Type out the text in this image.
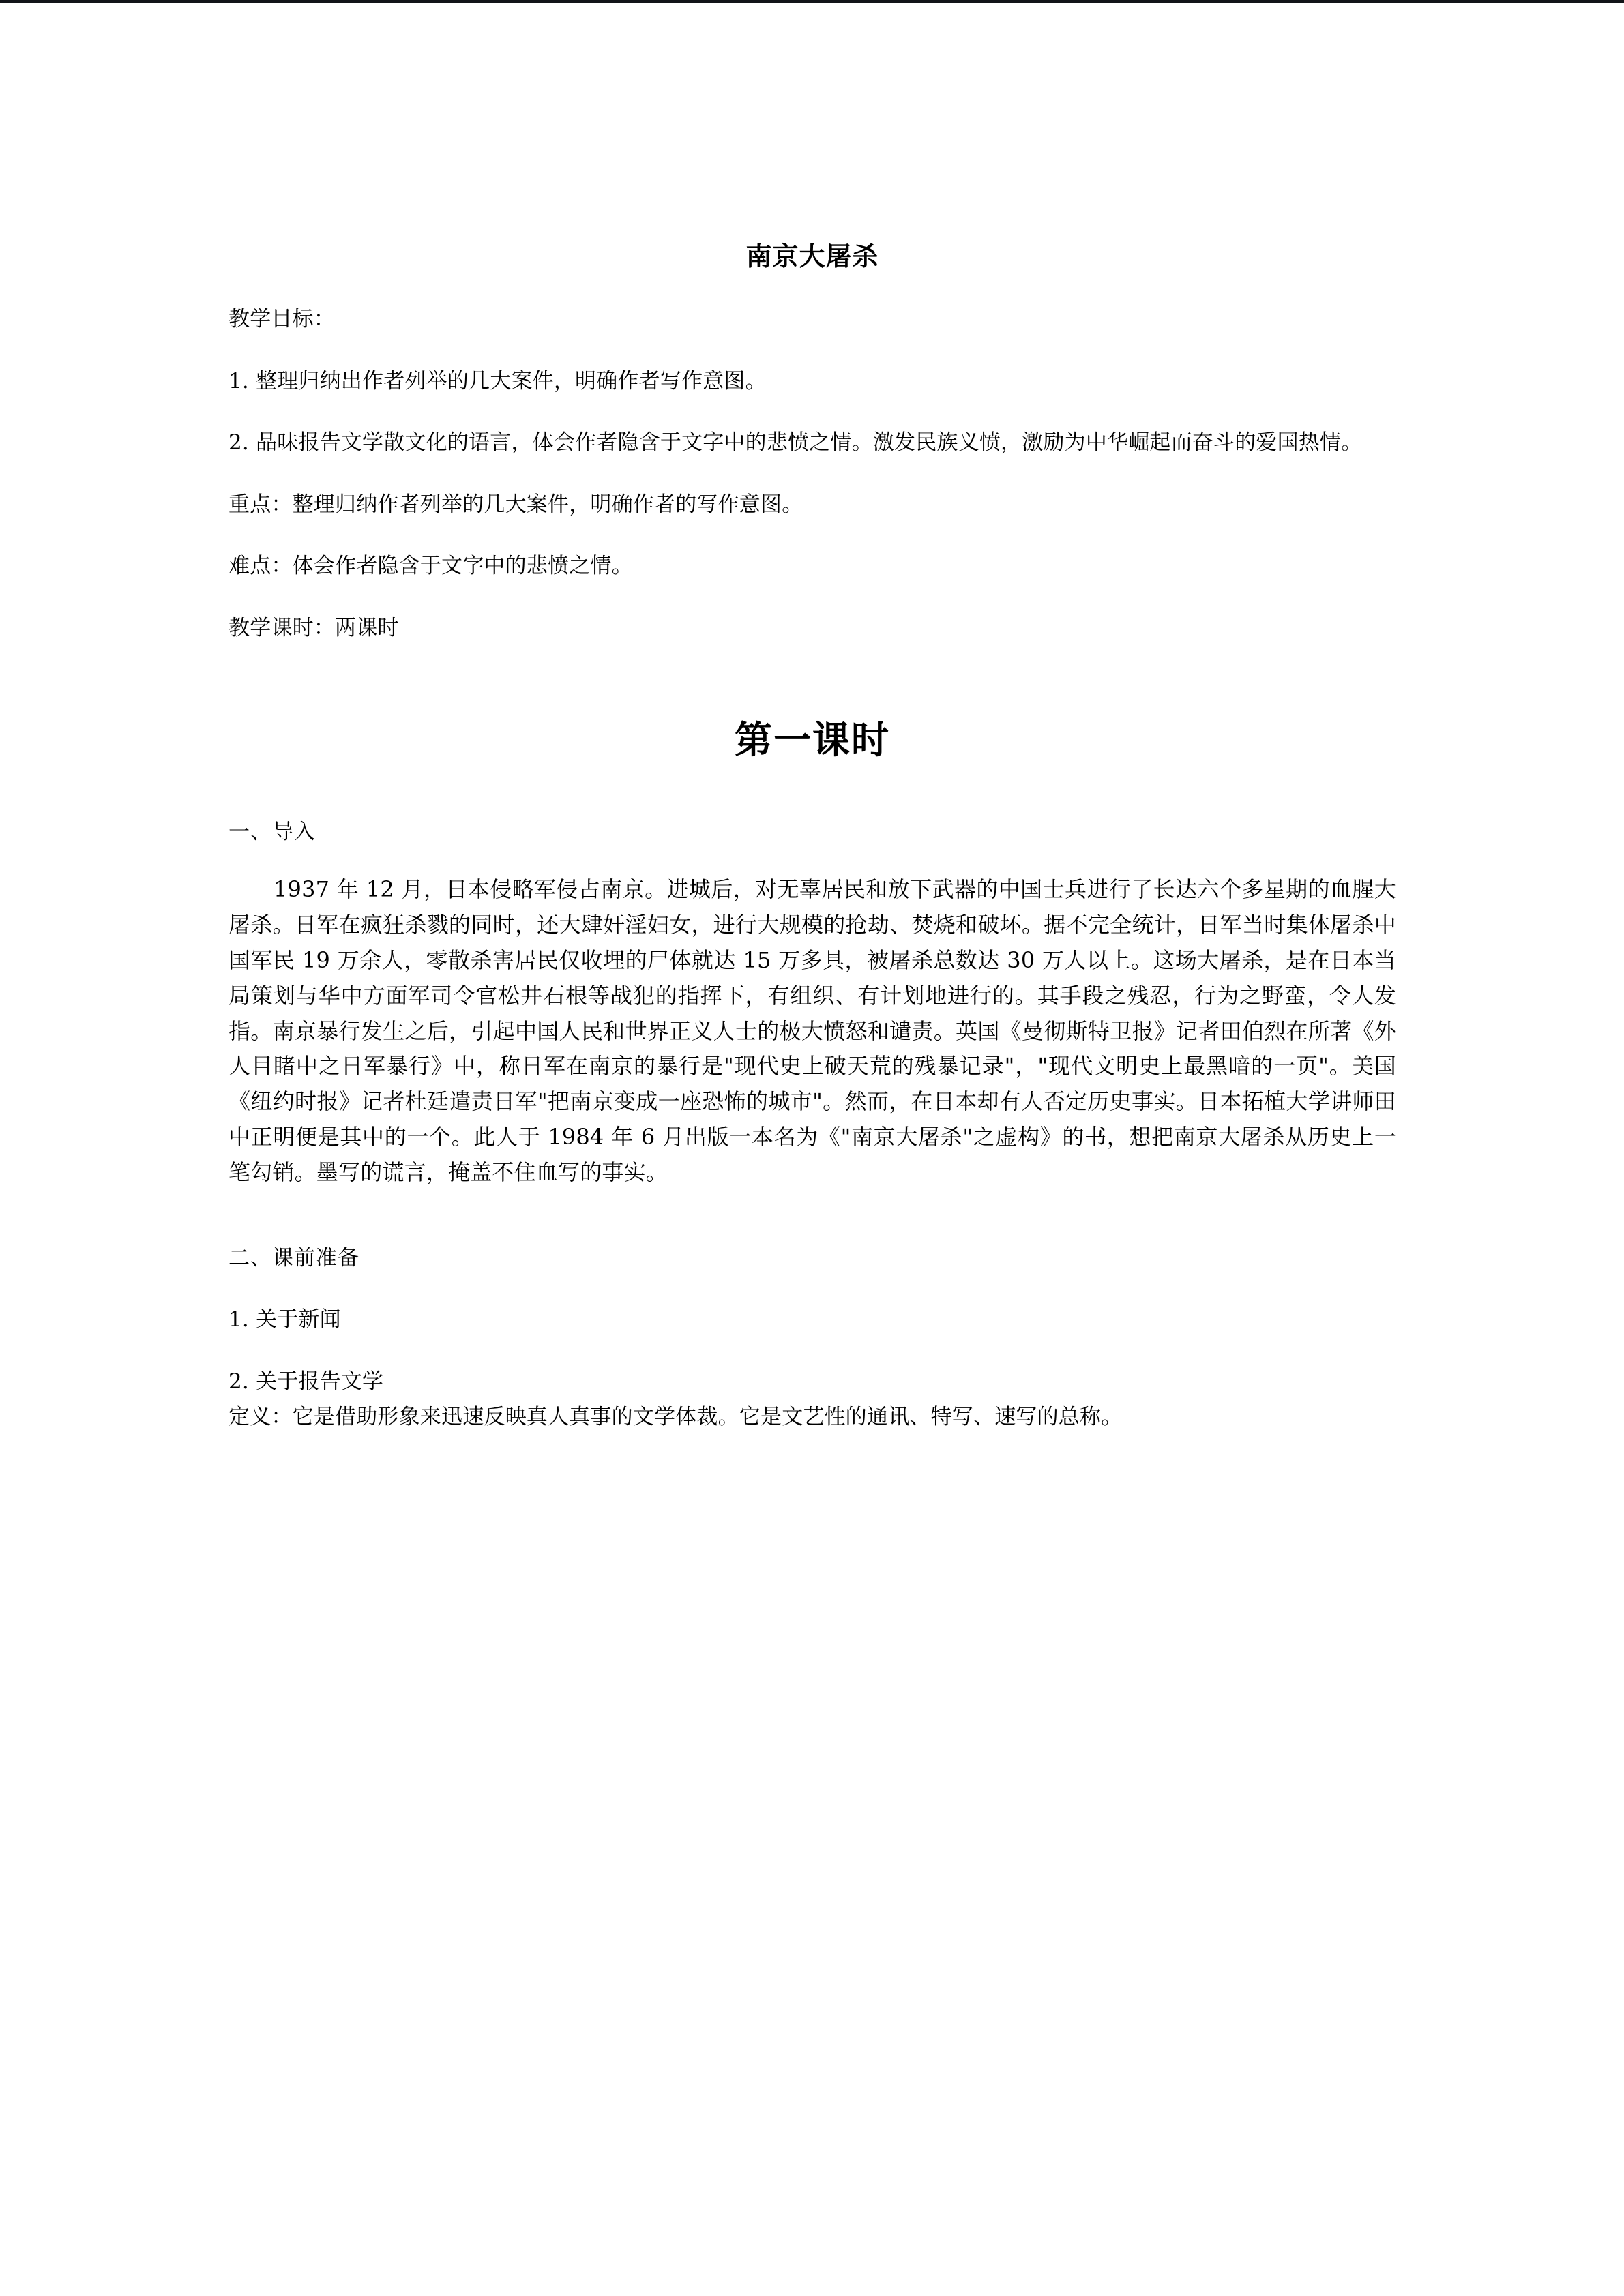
南京大屠杀

教学目标：

1. 整理归纳出作者列举的几大案件，明确作者写作意图。

2. 品味报告文学散文化的语言，体会作者隐含于文字中的悲愤之情。激发民族义愤，激励为中华崛起而奋斗的爱国热情。

重点：整理归纳作者列举的几大案件，明确作者的写作意图。

难点：体会作者隐含于文字中的悲愤之情。

教学课时：两课时

第一课时

一、导入

1937 年 12 月，日本侵略军侵占南京。进城后，对无辜居民和放下武器的中国士兵进行了长达六个多星期的血腥大屠杀。日军在疯狂杀戮的同时，还大肆奸淫妇女，进行大规模的抢劫、焚烧和破坏。据不完全统计，日军当时集体屠杀中国军民 19 万余人，零散杀害居民仅收埋的尸体就达 15 万多具，被屠杀总数达 30 万人以上。这场大屠杀，是在日本当局策划与华中方面军司令官松井石根等战犯的指挥下，有组织、有计划地进行的。其手段之残忍，行为之野蛮，令人发指。南京暴行发生之后，引起中国人民和世界正义人士的极大愤怒和谴责。英国《曼彻斯特卫报》记者田伯烈在所著《外人目睹中之日军暴行》中，称日军在南京的暴行是"现代史上破天荒的残暴记录"，"现代文明史上最黑暗的一页"。美国《纽约时报》记者杜廷遣责日军"把南京变成一座恐怖的城市"。然而，在日本却有人否定历史事实。日本拓植大学讲师田中正明便是其中的一个。此人于 1984 年 6 月出版一本名为《"南京大屠杀"之虚构》的书，想把南京大屠杀从历史上一笔勾销。墨写的谎言，掩盖不住血写的事实。

二、课前准备

1. 关于新闻

2. 关于报告文学

定义：它是借助形象来迅速反映真人真事的文学体裁。它是文艺性的通讯、特写、速写的总称。
